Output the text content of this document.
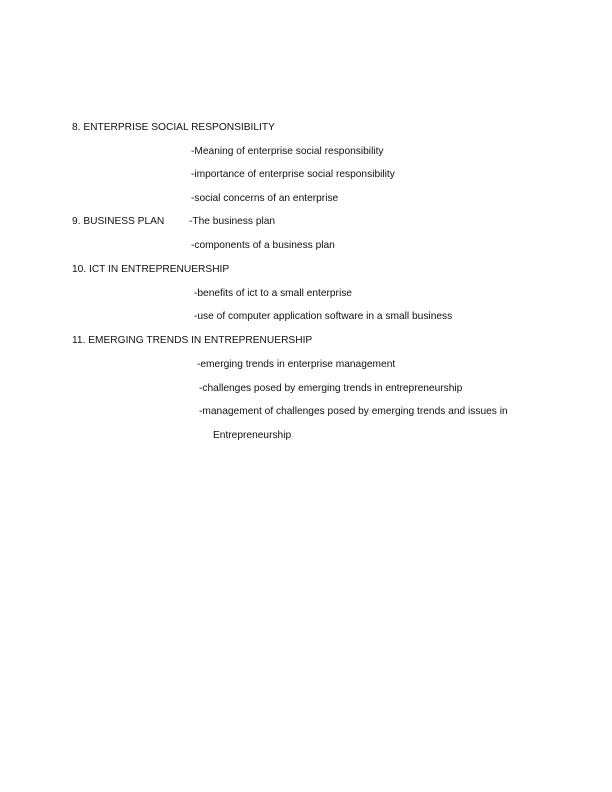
8. ENTERPRISE SOCIAL RESPONSIBILITY
-Meaning of enterprise social responsibility
-importance of enterprise social responsibility
-social concerns of an enterprise
9. BUSINESS PLAN -The business plan
-components of a business plan
10. ICT IN ENTREPRENUERSHIP
-benefits of ict to a small enterprise
-use of computer application software in a small business
11. EMERGING TRENDS IN ENTREPRENUERSHIP
-emerging trends in enterprise management
-challenges posed by emerging trends in entrepreneurship
-management of challenges posed by emerging trends and issues in
Entrepreneurship
